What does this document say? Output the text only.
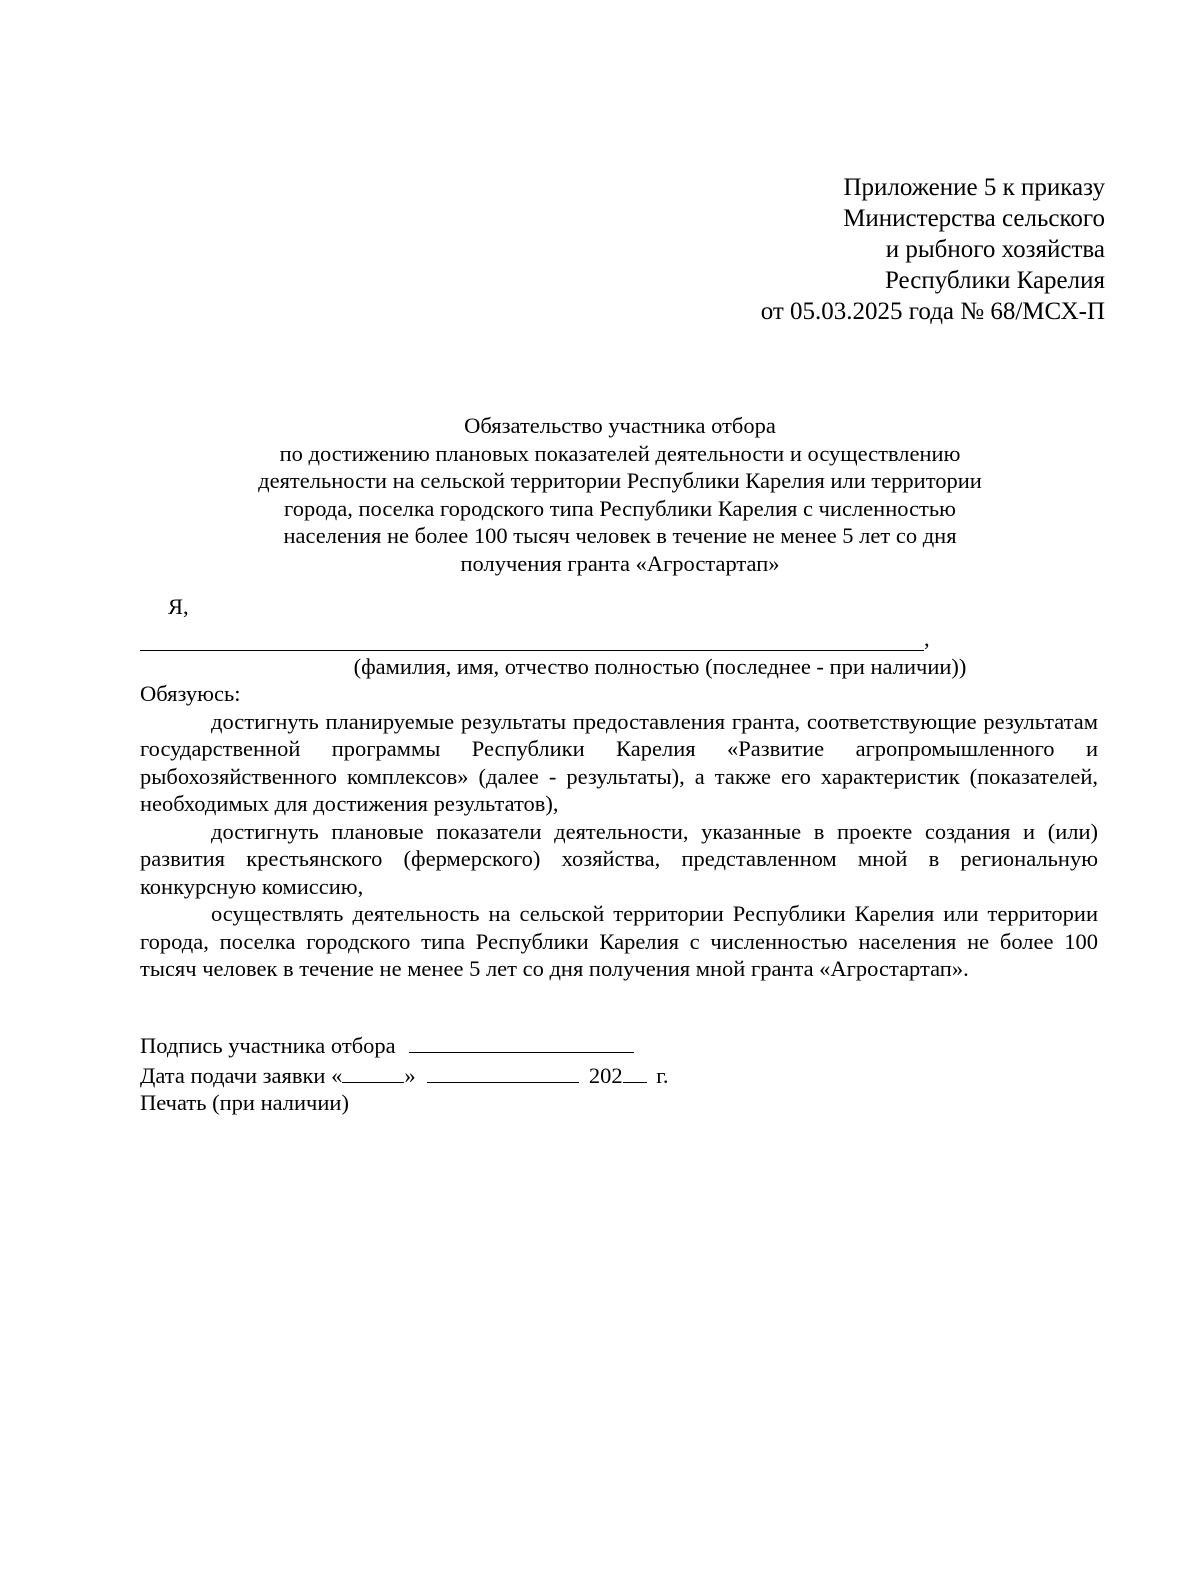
Приложение 5 к приказу
Министерства сельского
и рыбного хозяйства
Республики Карелия
от 05.03.2025 года № 68/МСХ-П
Обязательство участника отбора
по достижению плановых показателей деятельности и осуществлению
деятельности на сельской территории Республики Карелия или территории
города, поселка городского типа Республики Карелия с численностью
населения не более 100 тысяч человек в течение не менее 5 лет со дня
получения гранта «Агростартап»
Я,
,
(фамилия, имя, отчество полностью (последнее - при наличии))
Обязуюсь:

достигнуть планируемые результаты предоставления гранта, соответствующие результатам государственной программы Республики Карелия «Развитие агропромышленного и рыбохозяйственного комплексов» (далее - результаты), а также его характеристик (показателей, необходимых для достижения результатов),

достигнуть плановые показатели деятельности, указанные в проекте создания и (или) развития крестьянского (фермерского) хозяйства, представленном мной в региональную конкурсную комиссию,

осуществлять деятельность на сельской территории Республики Карелия или территории города, поселка городского типа Республики Карелия с численностью населения не более 100 тысяч человек в течение не менее 5 лет со дня получения мной гранта «Агростартап».

Подпись участника отбора
Дата подачи заявки «	»	202 г.
Печать (при наличии)
